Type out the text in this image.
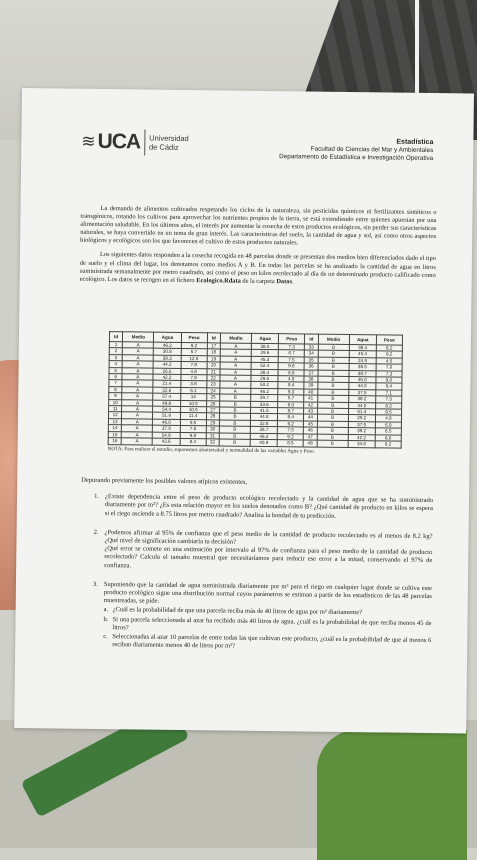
≋ UCA Universidad
de Cádiz
Estadística
Facultad de Ciencias del Mar y Ambientales
Departamento de Estadística e Investigación Operativa

La demanda de alimentos cultivados respetando los ciclos de la naturaleza, sin pesticidas químicos ni fertilizantes sintéticos o transgénicos, rotando los cultivos para aprovechar los nutrientes propios de la tierra, se está extendiendo entre quienes apuestan por una alimentación saludable. En los últimos años, el interés por aumentar la cosecha de estos productos ecológicos, sin perder sus características naturales, se haya convertido en un tema de gran interés. Las características del suelo, la cantidad de agua y sol, así como otros aspectos biológicos y ecológicos son los que favorecen el cultivo de estos productos naturales.

Los siguientes datos responden a la cosecha recogida en 48 parcelas donde se presentan dos medios bien diferenciados dado el tipo de suelo y el clima del lugar, los denotamos como medios A y B. En todas las parcelas se ha analizado la cantidad de agua en litros suministrada semanalmente por metro cuadrado, así como el peso en kilos recolectado al día de un determinado producto calificado como ecológico. Los datos se recogen en el fichero Ecologico.Rdata de la carpeta Datos.

Id	Medio	Agua	Peso	Id	Medio	Agua	Peso	Id	Medio	Agua	Peso
1	A	46.2	9.2	17	A	38.5	7.3	33	B	38.4	8.2
2	A	30.8	5.7	18	A	29.6	6.7	34	B	45.4	9.2
3	A	58.3	12.5	19	A	45.3	7.5	35	B	24.9	4.5
4	A	44.2	7.8	20	A	52.4	9.8	36	B	36.5	7.0
5	A	26.5	4.8	21	A	38.4	6.9	37	B	38.7	7.3
6	A	42.2	7.8	22	A	29.5	4.8	38	B	45.0	9.0
7	A	21.4	3.8	23	A	50.2	9.4	39	B	44.0	9.4
8	A	32.6	6.1	24	A	46.2	9.3	40	B	37.5	7.1
9	A	57.4	14	25	B	29.7	5.7	41	B	38.2	7.3
10	A	49.8	10.5	26	B	33.6	6.0	42	B	44.0	8.3
11	A	54.4	10.5	27	B	41.5	8.7	43	B	51.4	9.5
12	A	51.9	11.4	28	B	44.8	8.4	44	B	29.2	4.9
13	A	46.0	9.5	29	B	32.8	6.2	45	B	37.5	6.9
14	A	37.9	7.6	30	B	38.7	7.5	46	B	39.2	6.5
15	A	54.8	9.8	31	B	46.2	9.2	47	B	42.2	8.0
16	A	43.6	8.4	32	B	40.9	8.5	48	B	34.6	6.2
NOTA: Para realizar el estudio, suponemos aleatoriedad y normalidad de las variables Agua y Peso.

Depurando previamente los posibles valores atípicos existentes,

1. ¿Existe dependencia entre el peso de producto ecológico recolectado y la cantidad de agua que se ha suministrado diariamente por m²? ¿Es esta relación mayor en los suelos denotados como B? ¿Qué cantidad de producto en kilos se espera si el riego asciende a 8.75 litros por metro cuadrado? Analiza la bondad de tu predicción.
2. ¿Podemos afirmar al 95% de confianza que el peso medio de la cantidad de producto recolectado es al menos de 8.2 kg? ¿Qué nivel de significación cambiaría tu decisión?
¿Qué error se comete en una estimación por intervalo al 97% de confianza para el peso medio de la cantidad de producto recolectado? Calcula el tamaño muestral que necesitaríamos para reducir ese error a la mitad, conservando el 97% de confianza.
3. Suponiendo que la cantidad de agua suministrada diariamente por m² para el riego en cualquier lugar donde se cultiva este producto ecológico sigue una distribución normal cuyos parámetros se estiman a partir de los estadísticos de las 48 parcelas muestreadas, se pide:
a. ¿Cuál es la probabilidad de que una parcela reciba más de 40 litros de agua por m² diariamente?
b. Si una parcela seleccionada al azar ha recibido más 40 litros de agua, ¿cuál es la probabilidad de que reciba menos 45 de litros?
c. Seleccionadas al azar 10 parcelas de entre todas las que cultivan este producto, ¿cuál es la probabilidad de que al menos 6 reciban diariamente menos 40 de litros por m²?
